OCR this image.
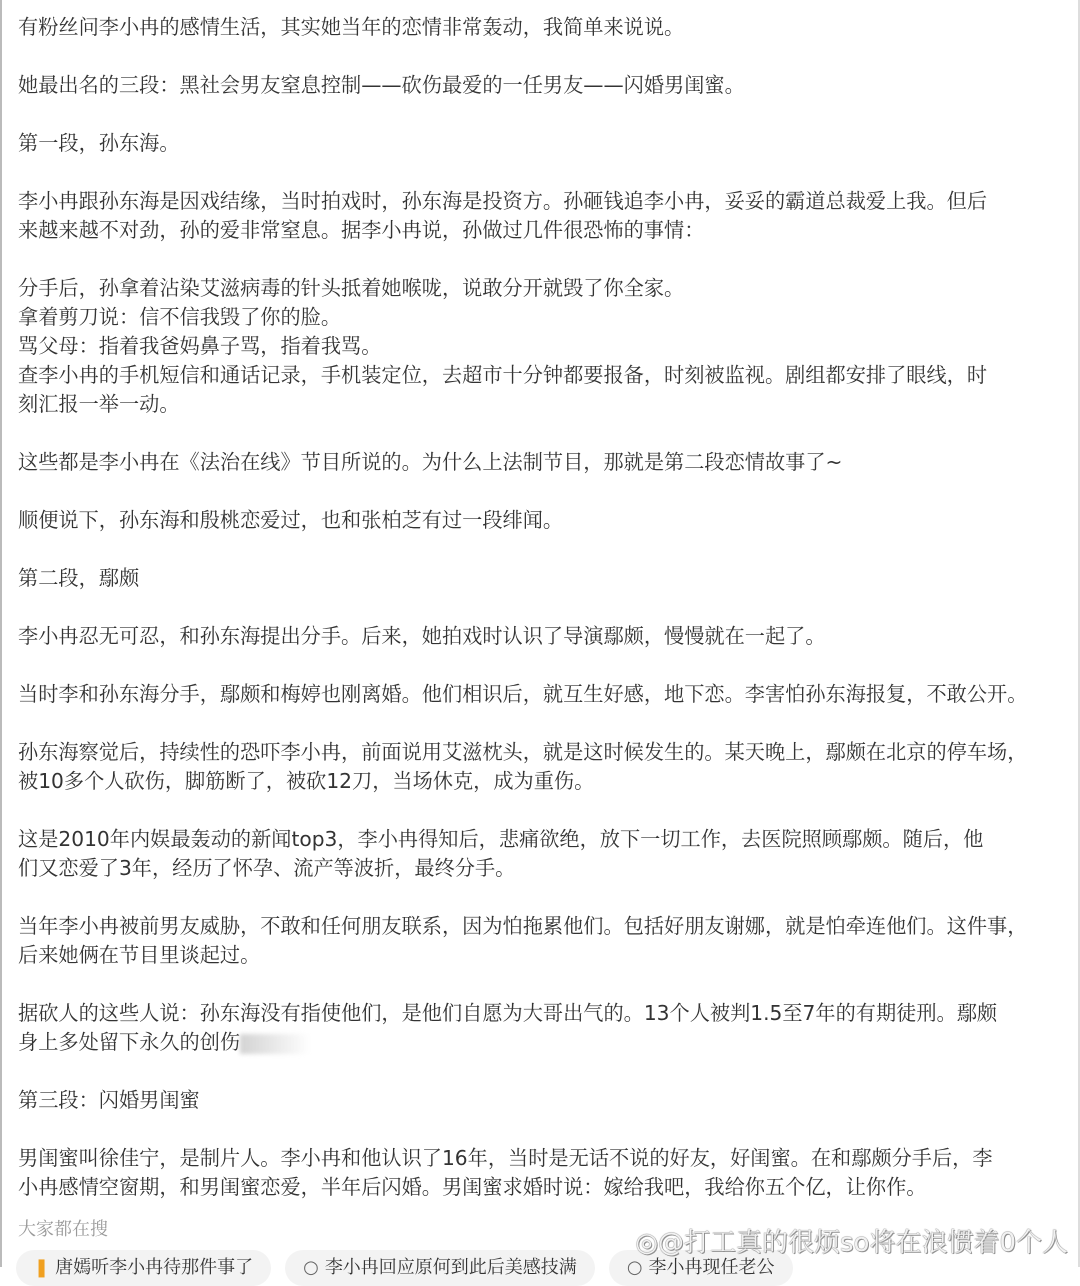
有粉丝问李小冉的感情生活，其实她当年的恋情非常轰动，我简单来说说。
她最出名的三段：黑社会男友窒息控制——砍伤最爱的一任男友——闪婚男闺蜜。
第一段，孙东海。
李小冉跟孙东海是因戏结缘，当时拍戏时，孙东海是投资方。孙砸钱追李小冉，妥妥的霸道总裁爱上我。但后
来越来越不对劲，孙的爱非常窒息。据李小冉说，孙做过几件很恐怖的事情：
分手后，孙拿着沾染艾滋病毒的针头抵着她喉咙，说敢分开就毁了你全家。
拿着剪刀说：信不信我毁了你的脸。
骂父母：指着我爸妈鼻子骂，指着我骂。
查李小冉的手机短信和通话记录，手机装定位，去超市十分钟都要报备，时刻被监视。剧组都安排了眼线，时
刻汇报一举一动。
这些都是李小冉在《法治在线》节目所说的。为什么上法制节目，那就是第二段恋情故事了~
顺便说下，孙东海和殷桃恋爱过，也和张柏芝有过一段绯闻。
第二段，鄢颇
李小冉忍无可忍，和孙东海提出分手。后来，她拍戏时认识了导演鄢颇，慢慢就在一起了。
当时李和孙东海分手，鄢颇和梅婷也刚离婚。他们相识后，就互生好感，地下恋。李害怕孙东海报复，不敢公开。
孙东海察觉后，持续性的恐吓李小冉，前面说用艾滋枕头，就是这时候发生的。某天晚上，鄢颇在北京的停车场，
被10多个人砍伤，脚筋断了，被砍12刀，当场休克，成为重伤。
这是2010年内娱最轰动的新闻top3，李小冉得知后，悲痛欲绝，放下一切工作，去医院照顾鄢颇。随后，他
们又恋爱了3年，经历了怀孕、流产等波折，最终分手。
当年李小冉被前男友威胁，不敢和任何朋友联系，因为怕拖累他们。包括好朋友谢娜，就是怕牵连他们。这件事，
后来她俩在节目里谈起过。
据砍人的这些人说：孙东海没有指使他们，是他们自愿为大哥出气的。13个人被判1.5至7年的有期徒刑。鄢颇
身上多处留下永久的创伤
第三段：闪婚男闺蜜
男闺蜜叫徐佳宁，是制片人。李小冉和他认识了16年，当时是无话不说的好友，好闺蜜。在和鄢颇分手后，李
小冉感情空窗期，和男闺蜜恋爱，半年后闪婚。男闺蜜求婚时说：嫁给我吧，我给你五个亿，让你作。
大家都在搜
❚ 唐嫣听李小冉待那件事了	○ 李小冉回应原何到此后美感技满	○ 李小冉现任老公
◎@打工真的很烦so将在浪惯着0个人
